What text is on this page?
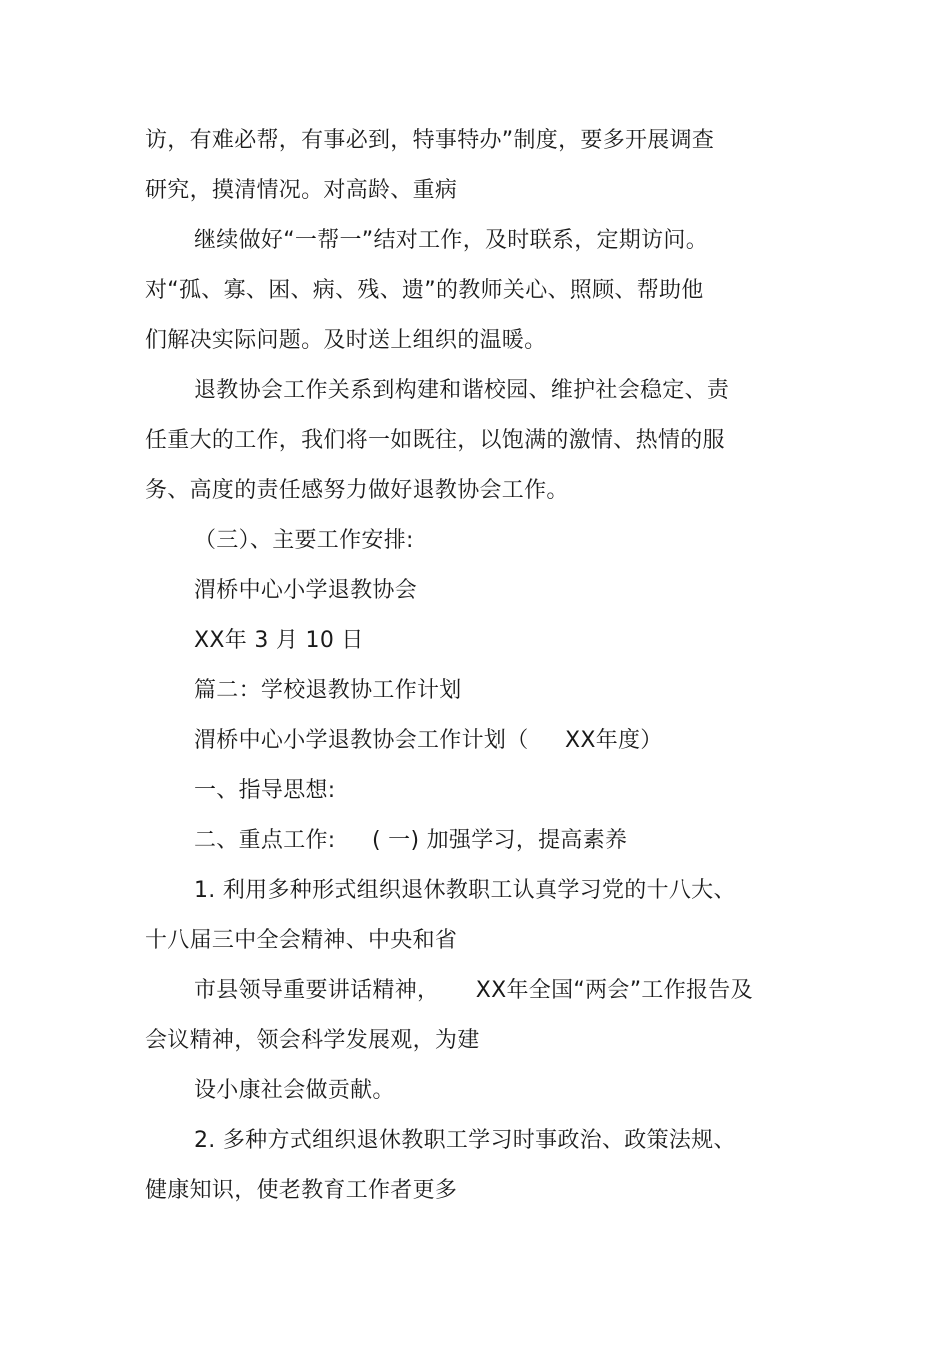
访，有难必帮，有事必到，特事特办”制度，要多开展调查
研究，摸清情况。对高龄、重病
继续做好“一帮一”结对工作，及时联系，定期访问。
对“孤、寡、困、病、残、遗”的教师关心、照顾、帮助他
们解决实际问题。及时送上组织的温暖。
退教协会工作关系到构建和谐校园、维护社会稳定、责
任重大的工作，我们将一如既往，以饱满的激情、热情的服
务、高度的责任感努力做好退教协会工作。
（三）、主要工作安排:
渭桥中心小学退教协会
XX年 3 月 10 日
篇二：学校退教协工作计划
渭桥中心小学退教协会工作计划（     XX年度）
一、指导思想:
二、重点工作:     ( 一) 加强学习，提高素养
1. 利用多种形式组织退休教职工认真学习党的十八大、
十八届三中全会精神、中央和省
市县领导重要讲话精神，     XX年全国“两会”工作报告及
会议精神，领会科学发展观，为建
设小康社会做贡献。
2. 多种方式组织退休教职工学习时事政治、政策法规、
健康知识，使老教育工作者更多
